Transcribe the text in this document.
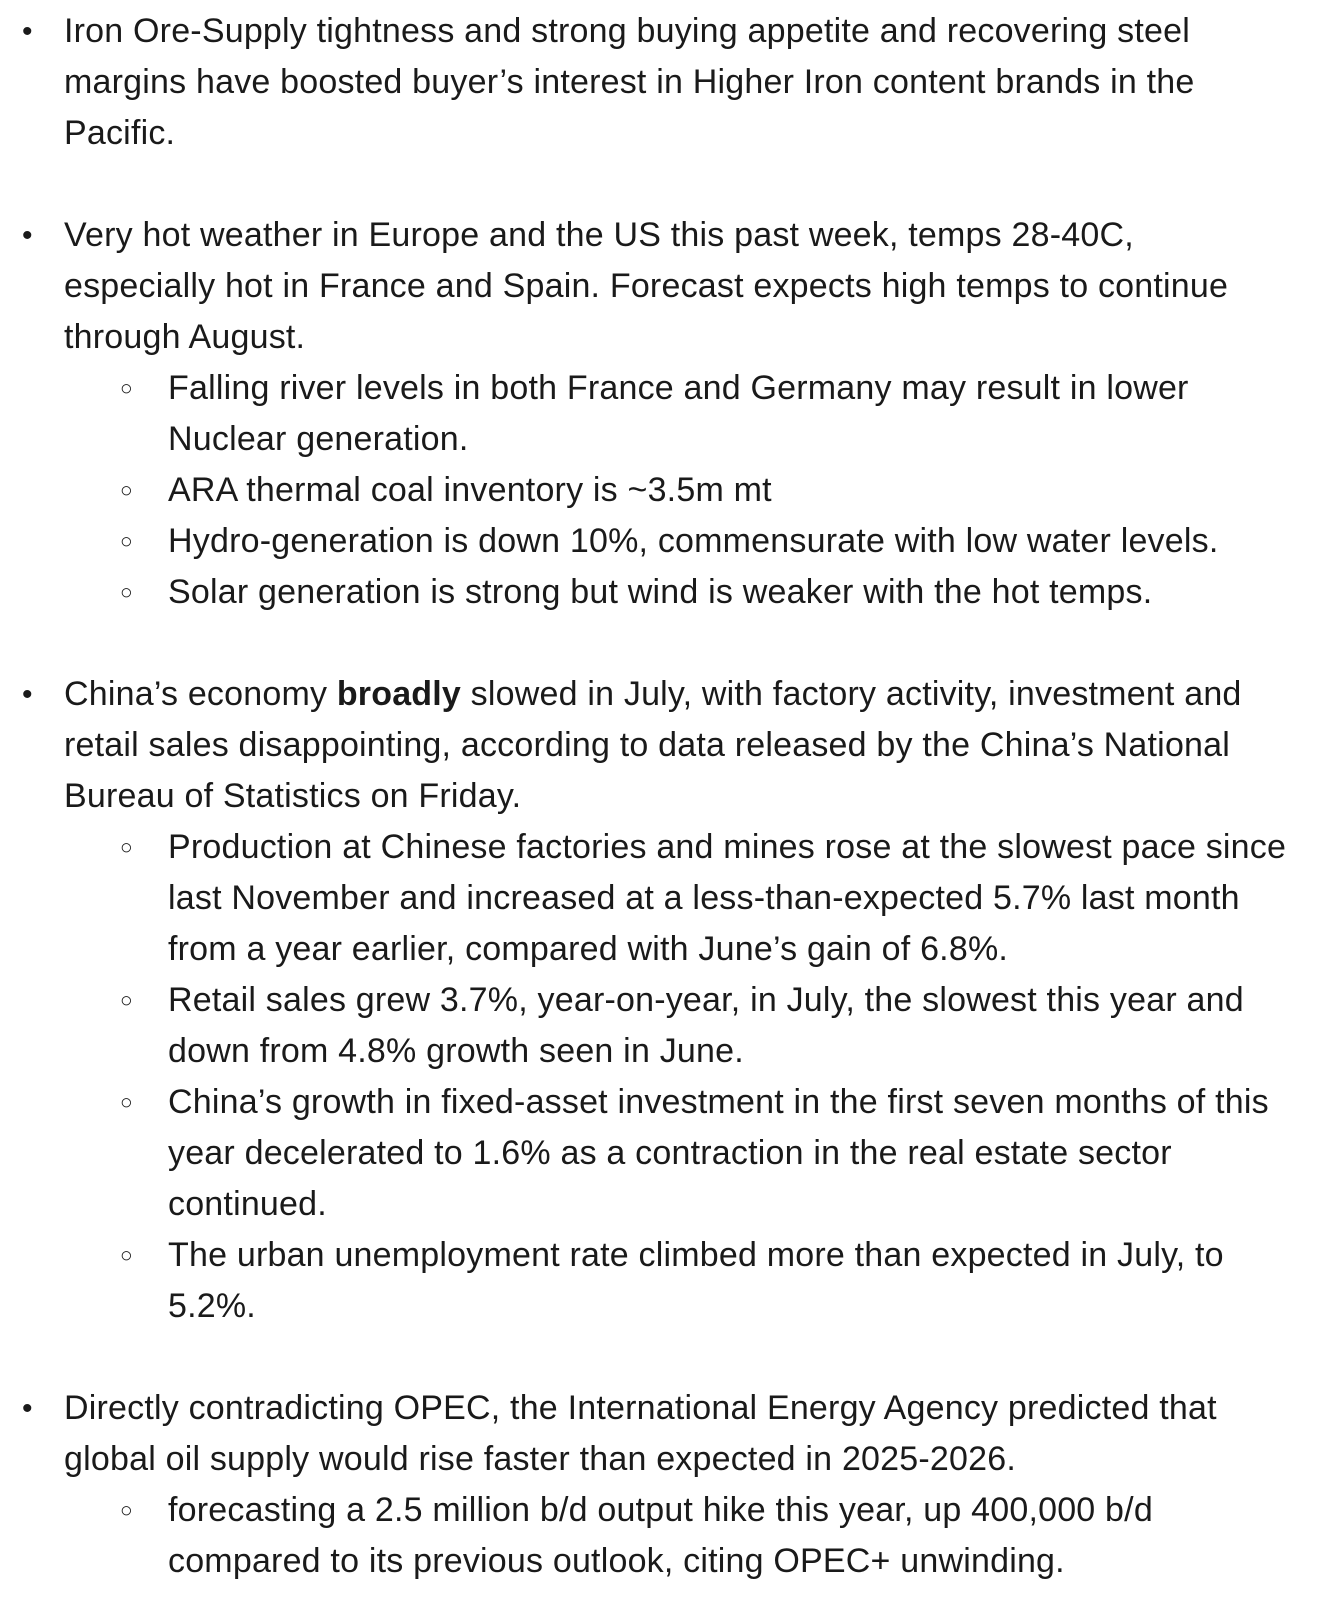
• Iron Ore-Supply tightness and strong buying appetite and recovering steel margins have boosted buyer’s interest in Higher Iron content brands in the Pacific.
• Very hot weather in Europe and the US this past week, temps 28-40C, especially hot in France and Spain. Forecast expects high temps to continue through August.
○	Falling river levels in both France and Germany may result in lower Nuclear generation.
○	ARA thermal coal inventory is ~3.5m mt
○	Hydro-generation is down 10%, commensurate with low water levels.
○	Solar generation is strong but wind is weaker with the hot temps.
• China’s economy broadly slowed in July, with factory activity, investment and retail sales disappointing, according to data released by the China’s National Bureau of Statistics on Friday.
○	Production at Chinese factories and mines rose at the slowest pace since last November and increased at a less-than-expected 5.7% last month from a year earlier, compared with June’s gain of 6.8%.
○	Retail sales grew 3.7%, year-on-year, in July, the slowest this year and down from 4.8% growth seen in June.
○	China’s growth in fixed-asset investment in the first seven months of this year decelerated to 1.6% as a contraction in the real estate sector continued.
○	The urban unemployment rate climbed more than expected in July, to 5.2%.
• Directly contradicting OPEC, the International Energy Agency predicted that global oil supply would rise faster than expected in 2025-2026.
○	forecasting a 2.5 million b/d output hike this year, up 400,000 b/d compared to its previous outlook, citing OPEC+ unwinding.
